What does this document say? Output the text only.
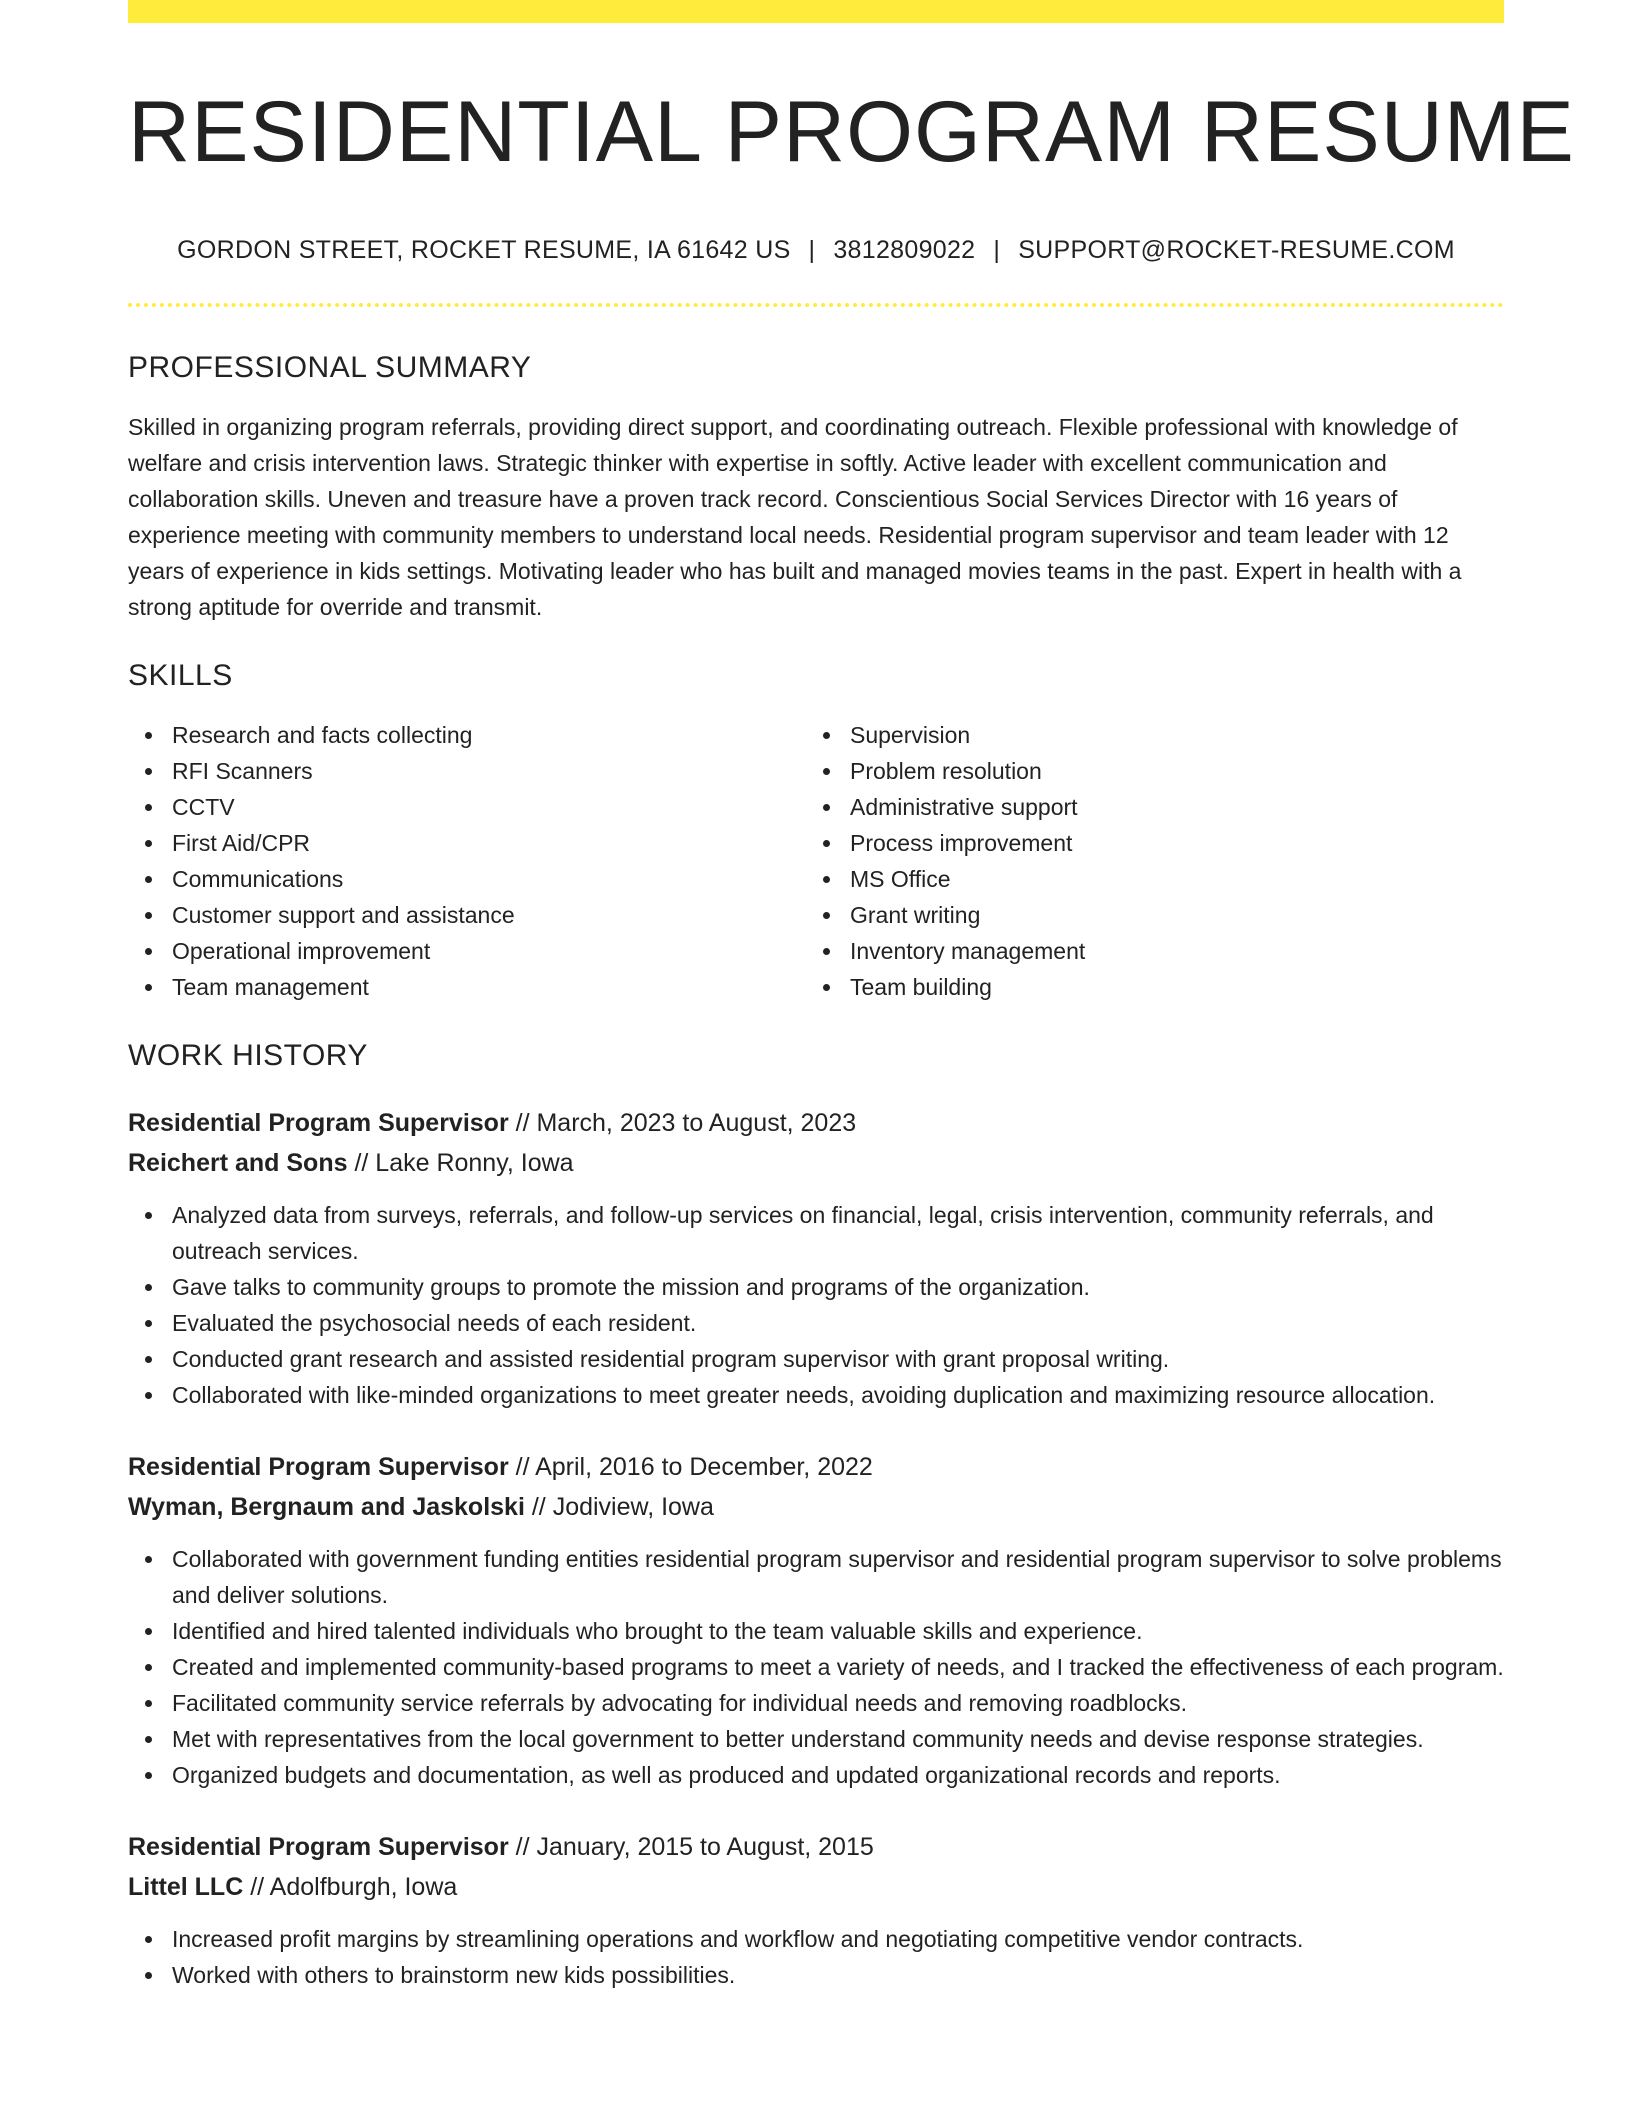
RESIDENTIAL PROGRAM RESUME
GORDON STREET, ROCKET RESUME, IA 61642 US | 3812809022 | SUPPORT@ROCKET-RESUME.COM
PROFESSIONAL SUMMARY

Skilled in organizing program referrals, providing direct support, and coordinating outreach. Flexible professional with knowledge of welfare and crisis intervention laws. Strategic thinker with expertise in softly. Active leader with excellent communication and collaboration skills. Uneven and treasure have a proven track record. Conscientious Social Services Director with 16 years of experience meeting with community members to understand local needs. Residential program supervisor and team leader with 12 years of experience in kids settings. Motivating leader who has built and managed movies teams in the past. Expert in health with a strong aptitude for override and transmit.

SKILLS
Research and facts collecting
RFI Scanners
CCTV
First Aid/CPR
Communications
Customer support and assistance
Operational improvement
Team management
Supervision
Problem resolution
Administrative support
Process improvement
MS Office
Grant writing
Inventory management
Team building
WORK HISTORY
Residential Program Supervisor // March, 2023 to August, 2023
Reichert and Sons // Lake Ronny, Iowa
Analyzed data from surveys, referrals, and follow-up services on financial, legal, crisis intervention, community referrals, and outreach services.
Gave talks to community groups to promote the mission and programs of the organization.
Evaluated the psychosocial needs of each resident.
Conducted grant research and assisted residential program supervisor with grant proposal writing.
Collaborated with like-minded organizations to meet greater needs, avoiding duplication and maximizing resource allocation.
Residential Program Supervisor // April, 2016 to December, 2022
Wyman, Bergnaum and Jaskolski // Jodiview, Iowa
Collaborated with government funding entities residential program supervisor and residential program supervisor to solve problems and deliver solutions.
Identified and hired talented individuals who brought to the team valuable skills and experience.
Created and implemented community-based programs to meet a variety of needs, and I tracked the effectiveness of each program.
Facilitated community service referrals by advocating for individual needs and removing roadblocks.
Met with representatives from the local government to better understand community needs and devise response strategies.
Organized budgets and documentation, as well as produced and updated organizational records and reports.
Residential Program Supervisor // January, 2015 to August, 2015
Littel LLC // Adolfburgh, Iowa
Increased profit margins by streamlining operations and workflow and negotiating competitive vendor contracts.
Worked with others to brainstorm new kids possibilities.
